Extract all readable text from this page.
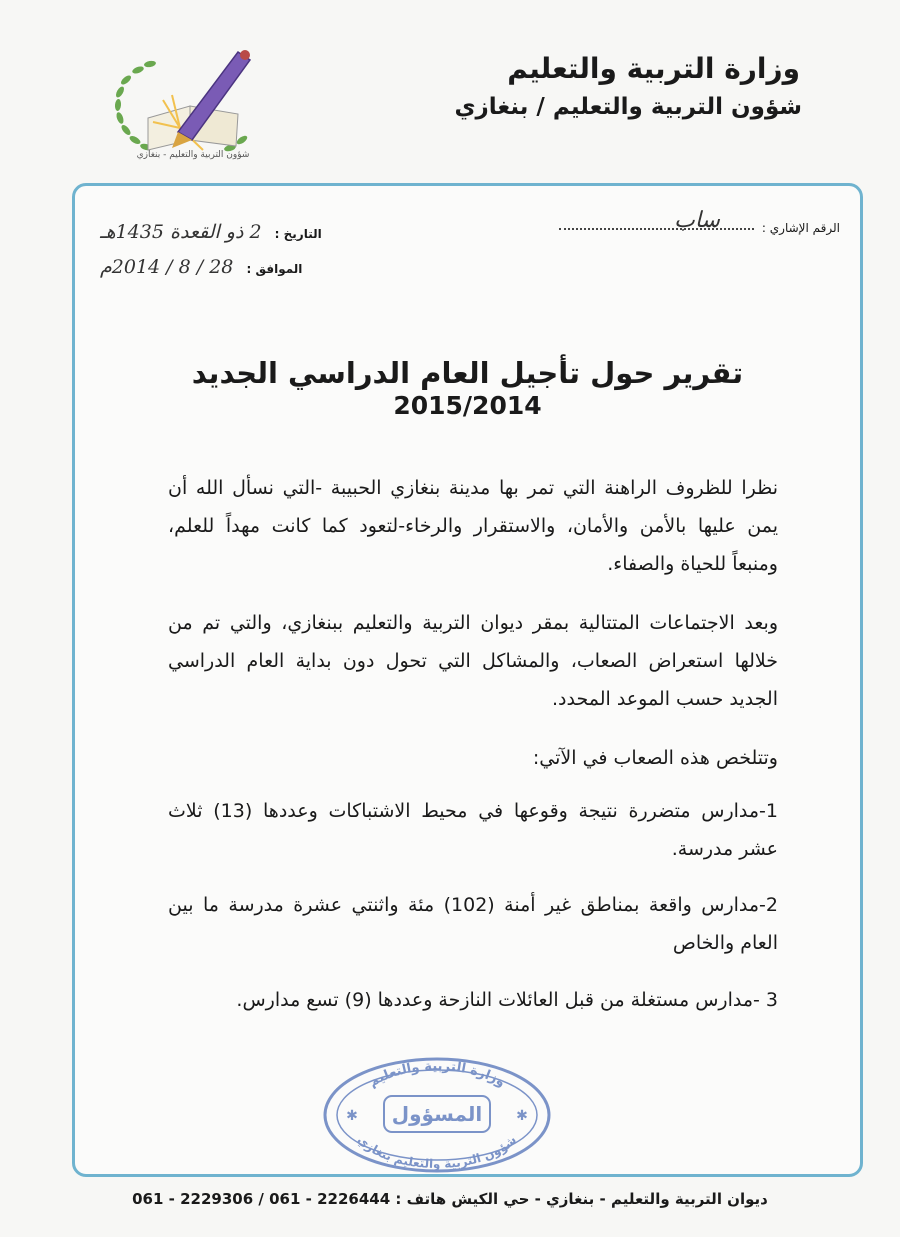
شؤون التربية والتعليم - بنغازي
وزارة التربية والتعليم
شؤون التربية والتعليم / بنغازي
الرقم الإشاري :
ساب
التاريخ : 2 ذو القعدة 1435هـ
الموافق : 28 / 8 / 2014م
تقرير حول تأجيل العام الدراسي الجديد
2015/2014
نظرا للظروف الراهنة التي تمر بها مدينة بنغازي الحبيبة -التي نسأل الله أن يمن عليها بالأمن والأمان، والاستقرار والرخاء-لتعود كما كانت مهداً للعلم، ومنبعاً للحياة والصفاء.
وبعد الاجتماعات المتتالية بمقر ديوان التربية والتعليم ببنغازي، والتي تم من خلالها استعراض الصعاب، والمشاكل التي تحول دون بداية العام الدراسي الجديد حسب الموعد المحدد.
وتتلخص هذه الصعاب في الآتي:
1-مدارس متضررة نتيجة وقوعها في محيط الاشتباكات وعددها (13) ثلاث عشر مدرسة.
2-مدارس واقعة بمناطق غير أمنة (102) مئة واثنتي عشرة مدرسة ما بين العام والخاص
3 -مدارس مستغلة من قبل العائلات النازحة وعددها (9) تسع مدارس.
وزارة التربية والتعليم
المسؤول
شؤون التربية والتعليم بنغازي
✱	✱
ديوان التربية والتعليم - بنغازي - حي الكيش هاتف : 2226444 - 061 / 2229306 - 061
